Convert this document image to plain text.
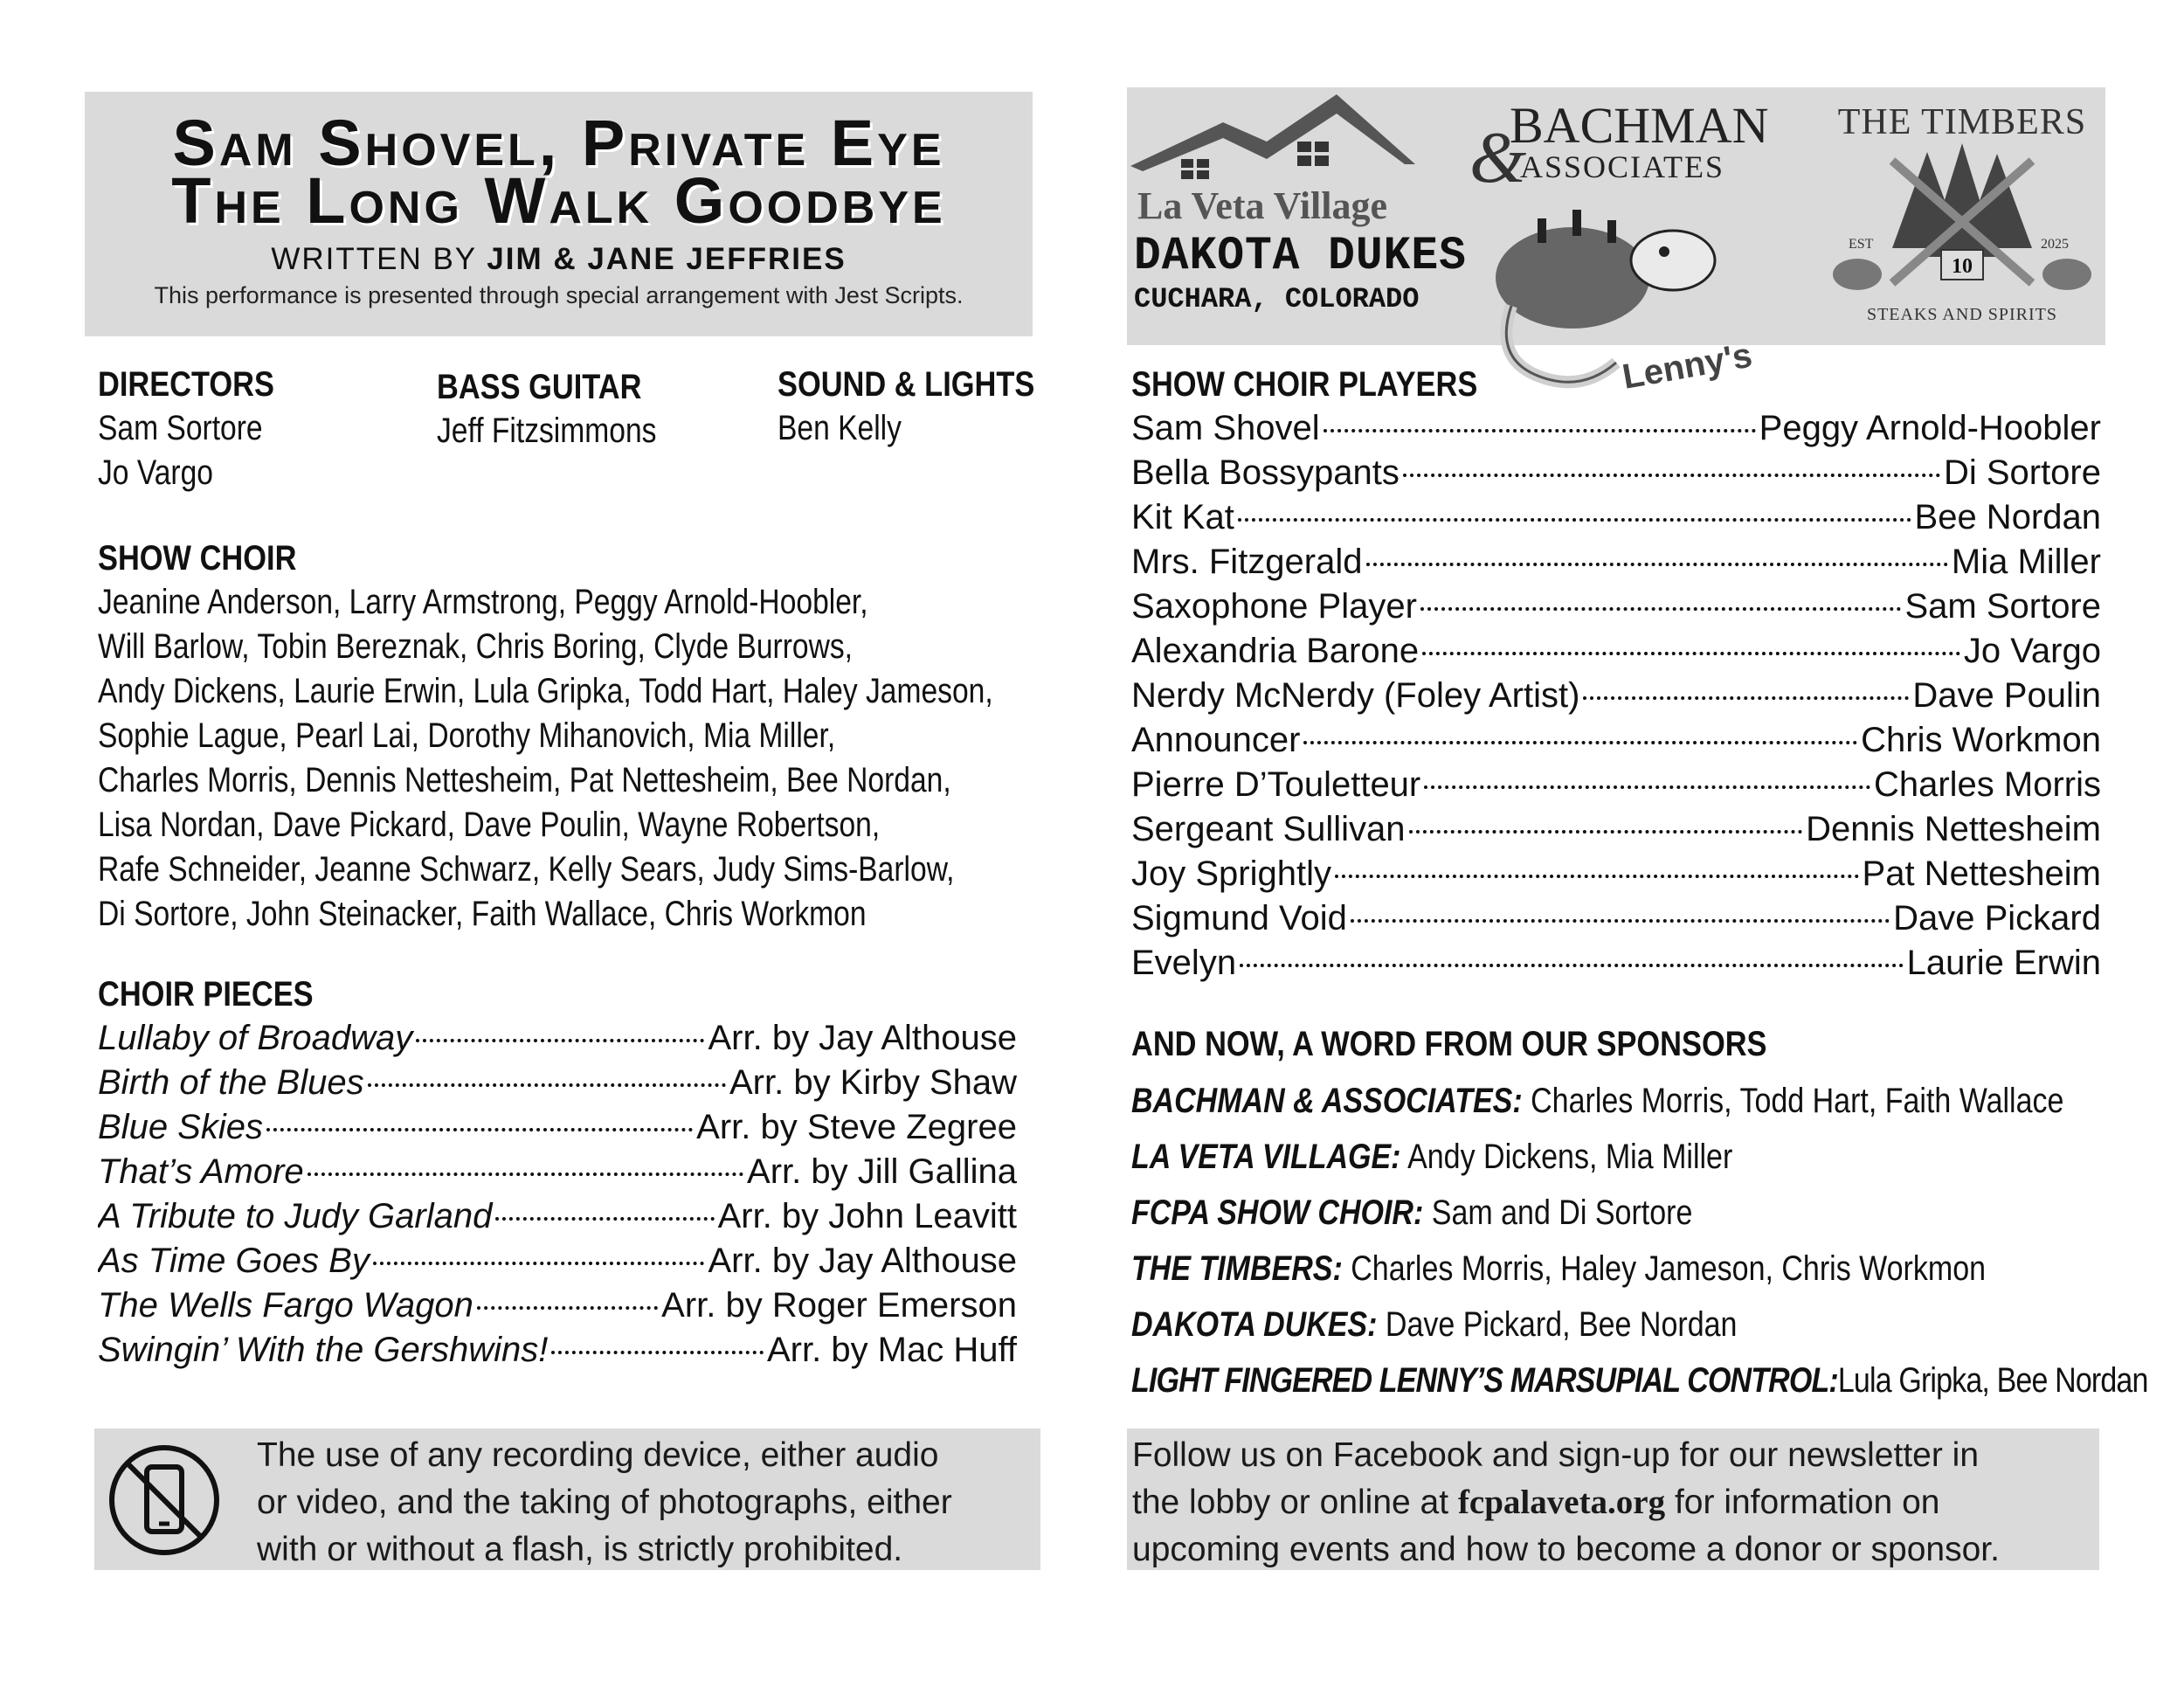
Sam Shovel, Private Eye
The Long Walk Goodbye
WRITTEN BY JIM & JANE JEFFRIES
This performance is presented through special arrangement with Jest Scripts.
DIRECTORS
Sam Sortore
Jo Vargo
BASS GUITAR
Jeff Fitzsimmons
SOUND & LIGHTS
Ben Kelly
SHOW CHOIR
Jeanine Anderson, Larry Armstrong, Peggy Arnold-Hoobler,
Will Barlow, Tobin Bereznak, Chris Boring, Clyde Burrows,
Andy Dickens, Laurie Erwin, Lula Gripka, Todd Hart, Haley Jameson,
Sophie Lague, Pearl Lai, Dorothy Mihanovich, Mia Miller,
Charles Morris, Dennis Nettesheim, Pat Nettesheim, Bee Nordan,
Lisa Nordan, Dave Pickard, Dave Poulin, Wayne Robertson,
Rafe Schneider, Jeanne Schwarz, Kelly Sears, Judy Sims-Barlow,
Di Sortore, John Steinacker, Faith Wallace, Chris Workmon
CHOIR PIECES
Lullaby of Broadway	Arr. by Jay Althouse
Birth of the Blues	Arr. by Kirby Shaw
Blue Skies	Arr. by Steve Zegree
That’s Amore	Arr. by Jill Gallina
A Tribute to Judy Garland	Arr. by John Leavitt
As Time Goes By	Arr. by Jay Althouse
The Wells Fargo Wagon	Arr. by Roger Emerson
Swingin’ With the Gershwins!	Arr. by Mac Huff
The use of any recording device, either audio
or video, and the taking of photographs, either
with or without a flash, is strictly prohibited.
La Veta Village
DAKOTA DUKES
CUCHARA, COLORADO
&
BACHMAN
ASSOCIATES
Lenny's
THE TIMBERS
EST	2025
10
STEAKS AND SPIRITS
SHOW CHOIR PLAYERS
Sam Shovel	Peggy Arnold-Hoobler
Bella Bossypants	Di Sortore
Kit Kat	Bee Nordan
Mrs. Fitzgerald	Mia Miller
Saxophone Player	Sam Sortore
Alexandria Barone	Jo Vargo
Nerdy McNerdy (Foley Artist)	Dave Poulin
Announcer	Chris Workmon
Pierre D’Touletteur	Charles Morris
Sergeant Sullivan	Dennis Nettesheim
Joy Sprightly	Pat Nettesheim
Sigmund Void	Dave Pickard
Evelyn	Laurie Erwin
AND NOW, A WORD FROM OUR SPONSORS
BACHMAN & ASSOCIATES: Charles Morris, Todd Hart, Faith Wallace
LA VETA VILLAGE: Andy Dickens, Mia Miller
FCPA SHOW CHOIR: Sam and Di Sortore
THE TIMBERS: Charles Morris, Haley Jameson, Chris Workmon
DAKOTA DUKES: Dave Pickard, Bee Nordan
LIGHT FINGERED LENNY’S MARSUPIAL CONTROL:Lula Gripka, Bee Nordan
Follow us on Facebook and sign-up for our newsletter in
the lobby or online at fcpalaveta.org for information on
upcoming events and how to become a donor or sponsor.
